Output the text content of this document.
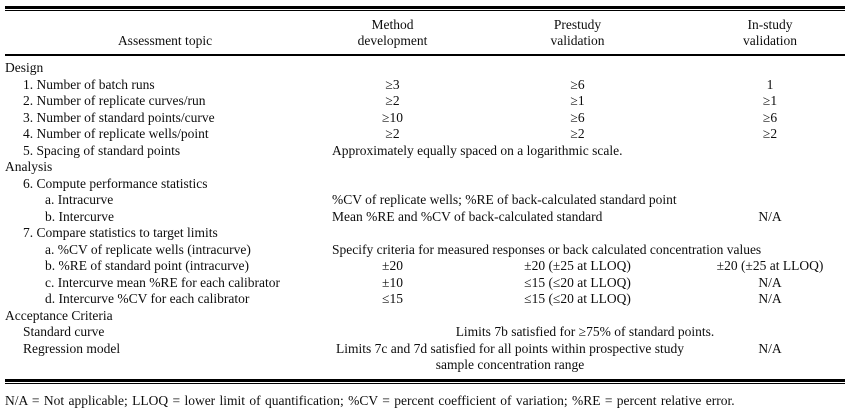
Assessment topic	Method development	Prestudy validation	In-study validation
Design			
1. Number of batch runs	≥3	≥6	1
2. Number of replicate curves/run	≥2	≥1	≥1
3. Number of standard points/curve	≥10	≥6	≥6
4. Number of replicate wells/point	≥2	≥2	≥2
5. Spacing of standard points	Approximately equally spaced on a logarithmic scale.		
Analysis			
6. Compute performance statistics			
a. Intracurve	%CV of replicate wells; %RE of back-calculated standard point		
b. Intercurve	Mean %RE and %CV of back-calculated standard		N/A
7. Compare statistics to target limits			
a. %CV of replicate wells (intracurve)	Specify criteria for measured responses or back calculated concentration values		
b. %RE of standard point (intracurve)	±20	±20 (±25 at LLOQ)	±20 (±25 at LLOQ)
c. Intercurve mean %RE for each calibrator	±10	≤15 (≤20 at LLOQ)	N/A
d. Intercurve %CV for each calibrator	≤15	≤15 (≤20 at LLOQ)	N/A
Acceptance Criteria			
Standard curve	Limits 7b satisfied for ≥75% of standard points.		
Regression model	Limits 7c and 7d satisfied for all points within prospective study sample concentration range		N/A
N/A = Not applicable; LLOQ = lower limit of quantification; %CV = percent coefficient of variation; %RE = percent relative error.
